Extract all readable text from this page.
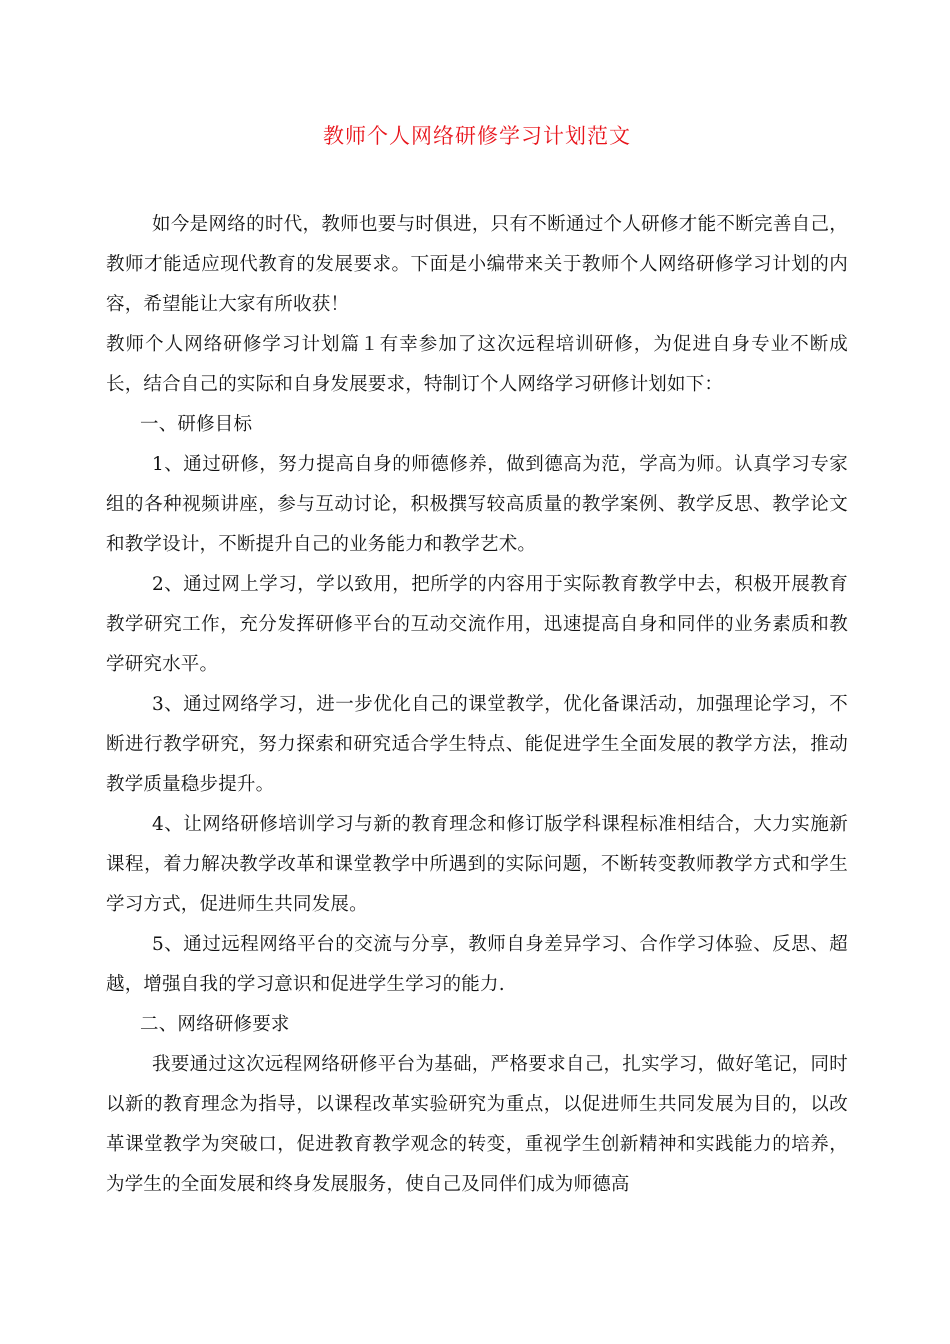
教师个人网络研修学习计划范文

如今是网络的时代，教师也要与时俱进，只有不断通过个人研修才能不断完善自己，教师才能适应现代教育的发展要求。下面是小编带来关于教师个人网络研修学习计划的内容，希望能让大家有所收获！

教师个人网络研修学习计划篇１有幸参加了这次远程培训研修，为促进自身专业不断成长，结合自己的实际和自身发展要求，特制订个人网络学习研修计划如下：

一、研修目标

1、通过研修，努力提高自身的师德修养，做到德高为范，学高为师。认真学习专家组的各种视频讲座，参与互动讨论，积极撰写较高质量的教学案例、教学反思、教学论文和教学设计，不断提升自己的业务能力和教学艺术。

2、通过网上学习，学以致用，把所学的内容用于实际教育教学中去，积极开展教育教学研究工作，充分发挥研修平台的互动交流作用，迅速提高自身和同伴的业务素质和教学研究水平。

3、通过网络学习，进一步优化自己的课堂教学，优化备课活动，加强理论学习，不断进行教学研究，努力探索和研究适合学生特点、能促进学生全面发展的教学方法，推动教学质量稳步提升。

4、让网络研修培训学习与新的教育理念和修订版学科课程标准相结合，大力实施新课程，着力解决教学改革和课堂教学中所遇到的实际问题，不断转变教师教学方式和学生学习方式，促进师生共同发展。

5、通过远程网络平台的交流与分享，教师自身差异学习、合作学习体验、反思、超越，增强自我的学习意识和促进学生学习的能力.

二、网络研修要求

我要通过这次远程网络研修平台为基础，严格要求自己，扎实学习，做好笔记，同时以新的教育理念为指导，以课程改革实验研究为重点，以促进师生共同发展为目的，以改革课堂教学为突破口，促进教育教学观念的转变，重视学生创新精神和实践能力的培养，为学生的全面发展和终身发展服务，使自己及同伴们成为师德高
